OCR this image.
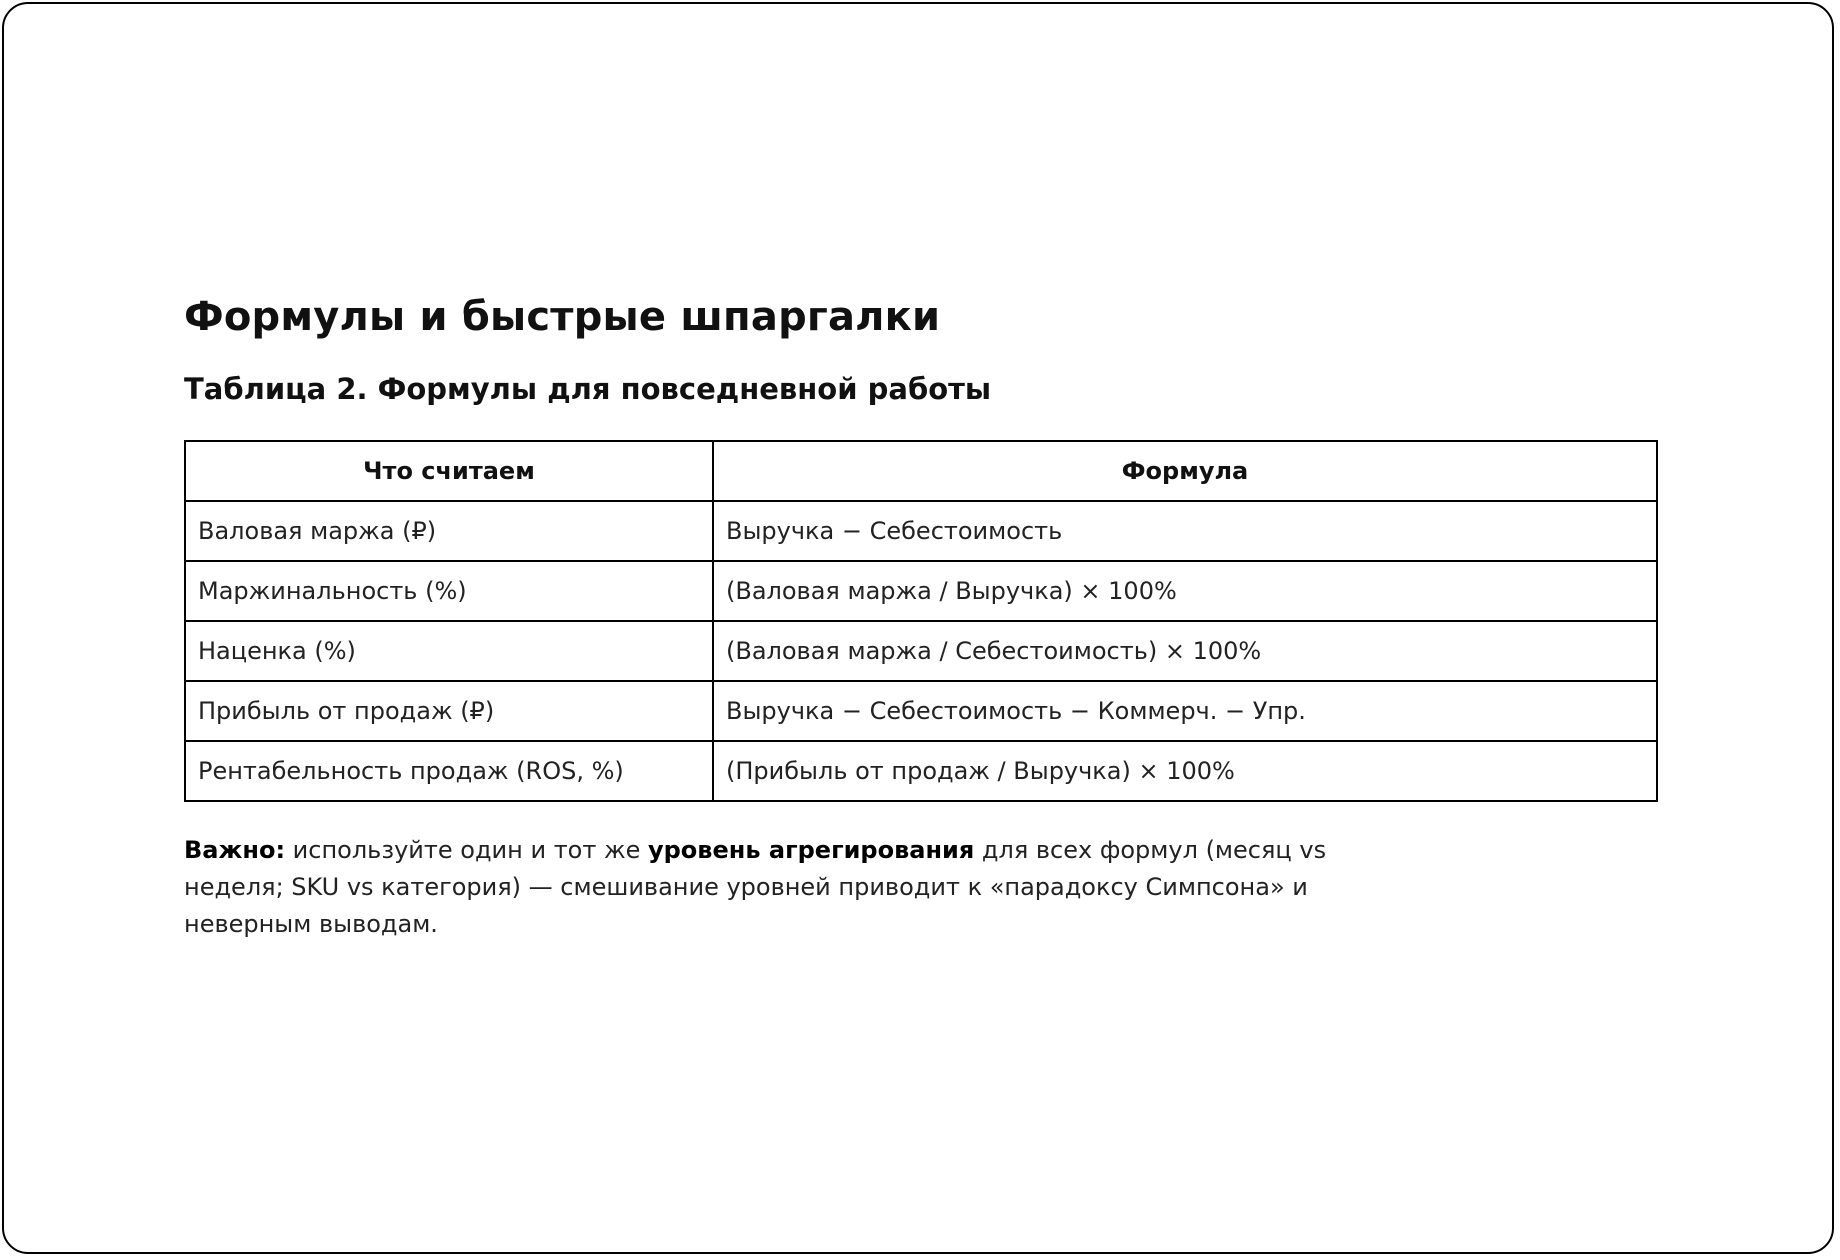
Формулы и быстрые шпаргалки
Таблица 2. Формулы для повседневной работы
Что считаем	Формула
Валовая маржа (₽)	Выручка − Себестоимость
Маржинальность (%)	(Валовая маржа / Выручка) × 100%
Наценка (%)	(Валовая маржа / Себестоимость) × 100%
Прибыль от продаж (₽)	Выручка − Себестоимость − Коммерч. − Упр.
Рентабельность продаж (ROS, %)	(Прибыль от продаж / Выручка) × 100%

Важно: используйте один и тот же уровень агрегирования для всех формул (месяц vs неделя; SKU vs категория) — смешивание уровней приводит к «парадоксу Симпсона» и неверным выводам.
